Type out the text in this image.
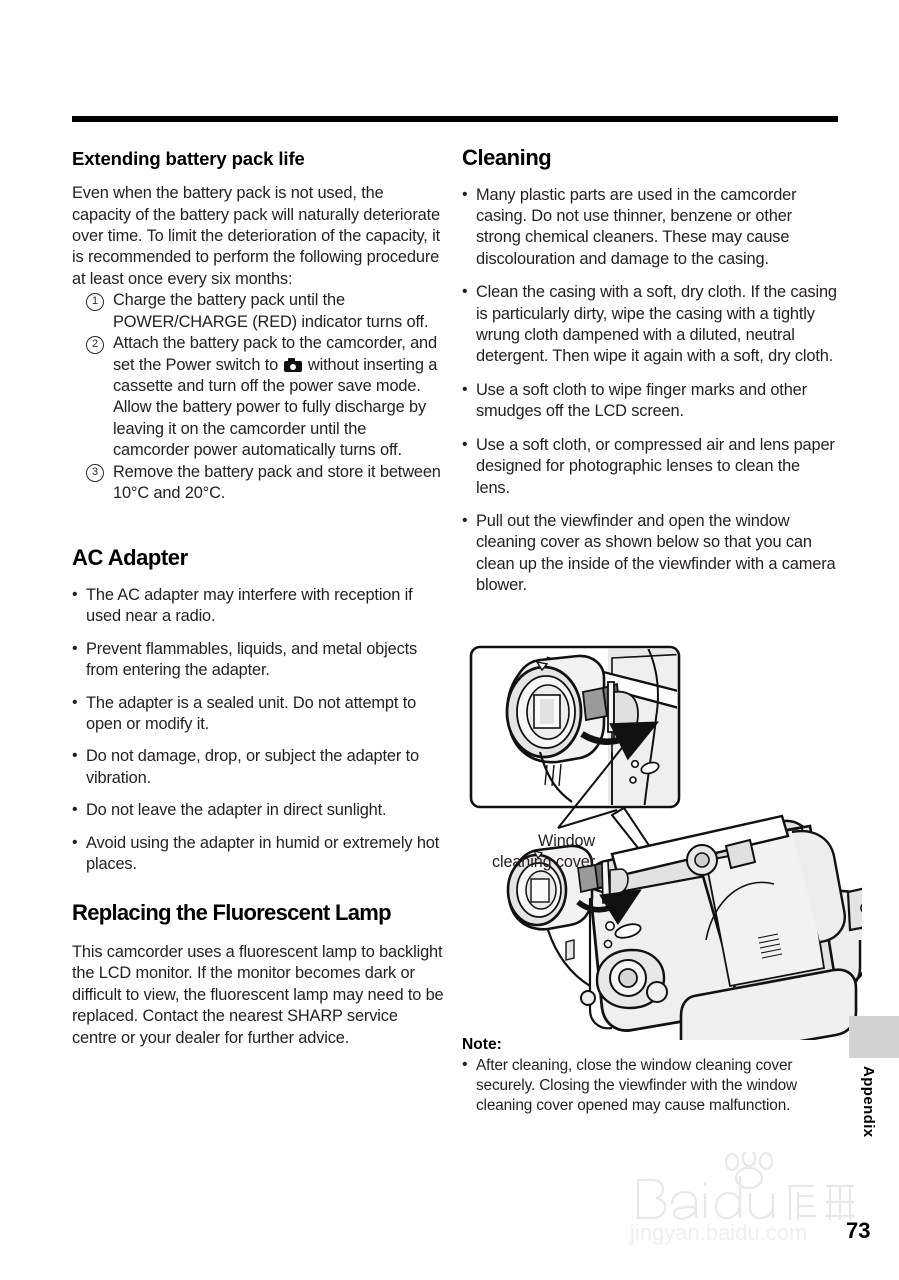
Extending battery pack life

Even when the battery pack is not used, the capacity of the battery pack will naturally deteriorate over time. To limit the deterioration of the capacity, it is recommended to perform the following procedure at least once every six months:

1 Charge the battery pack until the POWER/CHARGE (RED) indicator turns off.
2 Attach the battery pack to the camcorder, and set the Power switch to
without inserting a cassette and turn off the power save mode. Allow the battery power to fully discharge by leaving it on the camcorder until the camcorder power automatically turns off.
3 Remove the battery pack and store it between 10°C and 20°C.
AC Adapter
• The AC adapter may interfere with reception if used near a radio.
• Prevent flammables, liquids, and metal objects from entering the adapter.
• The adapter is a sealed unit. Do not attempt to open or modify it.
• Do not damage, drop, or subject the adapter to vibration.
• Do not leave the adapter in direct sunlight.
• Avoid using the adapter in humid or extremely hot places.
Replacing the Fluorescent Lamp

This camcorder uses a fluorescent lamp to backlight the LCD monitor. If the monitor becomes dark or difficult to view, the fluorescent lamp may need to be replaced. Contact the nearest SHARP service centre or your dealer for further advice.

Cleaning
• Many plastic parts are used in the camcorder casing. Do not use thinner, benzene or other strong chemical cleaners. These may cause discolouration and damage to the casing.
• Clean the casing with a soft, dry cloth. If the casing is particularly dirty, wipe the casing with a tightly wrung cloth dampened with a diluted, neutral detergent. Then wipe it again with a soft, dry cloth.
• Use a soft cloth to wipe finger marks and other smudges off the LCD screen.
• Use a soft cloth, or compressed air and lens paper designed for photographic lenses to clean the lens.
• Pull out the viewfinder and open the window cleaning cover as shown below so that you can clean up the inside of the viewfinder with a camera blower.
Window
cleaning cover
Note:
• After cleaning, close the window cleaning cover securely. Closing the viewfinder with the window cleaning cover opened may cause malfunction.	Appendix
73
jingyan.baidu.com
